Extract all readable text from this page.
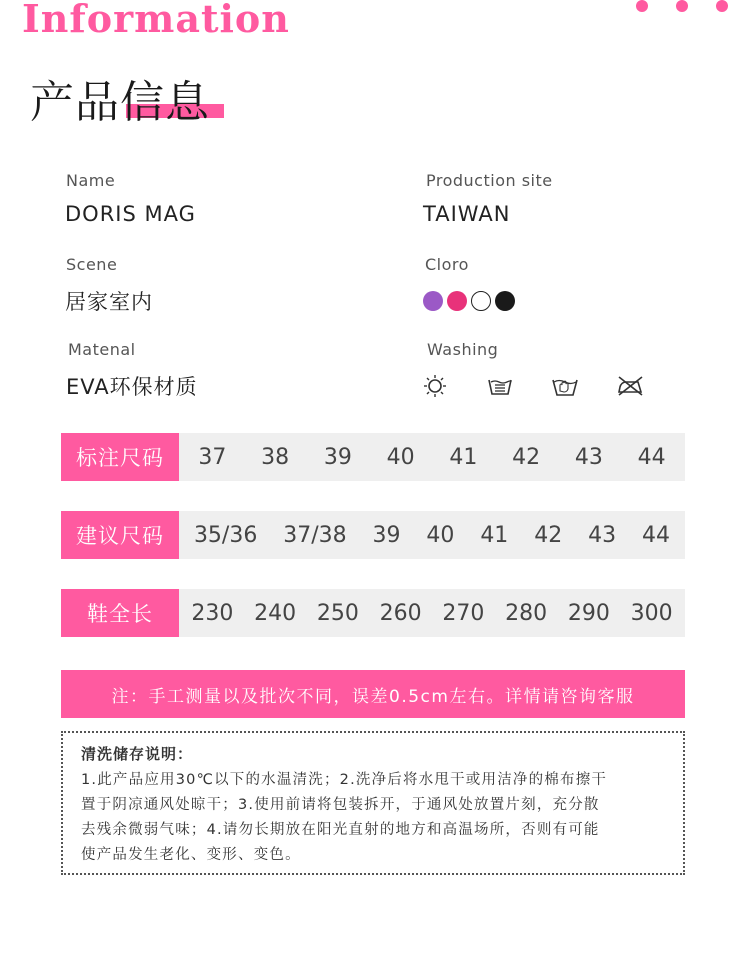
Information
产品信息
Name
DORIS MAG
Production site
TAIWAN
Scene
居家室内
Cloro
Matenal
EVA环保材质
Washing
标注尺码	37 38 39 40 41 42 43 44
建议尺码	35/36 37/38 39 40 41 42 43 44
鞋全长	230 240 250 260 270 280 290 300
注：手工测量以及批次不同，误差0.5cm左右。详情请咨询客服
清洗储存说明：
1.此产品应用30℃以下的水温清洗；2.洗净后将水甩干或用洁净的棉布擦干
置于阴凉通风处晾干；3.使用前请将包装拆开，于通风处放置片刻，充分散
去残余微弱气味；4.请勿长期放在阳光直射的地方和高温场所，否则有可能
使产品发生老化、变形、变色。
